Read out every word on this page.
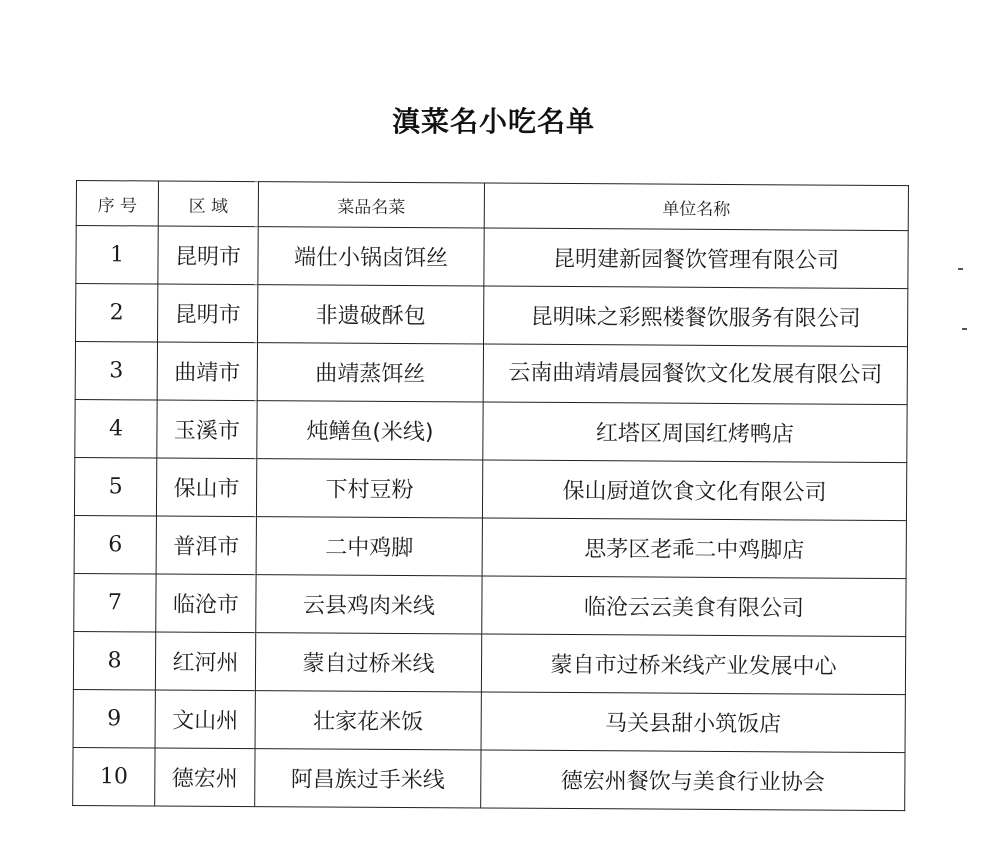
滇菜名小吃名单
序 号	区 域	菜品名菜	单位名称
1	昆明市	端仕小锅卤饵丝	昆明建新园餐饮管理有限公司
2	昆明市	非遗破酥包	昆明味之彩熙楼餐饮服务有限公司
3	曲靖市	曲靖蒸饵丝	云南曲靖靖晨园餐饮文化发展有限公司
4	玉溪市	炖鳝鱼(米线)	红塔区周国红烤鸭店
5	保山市	下村豆粉	保山厨道饮食文化有限公司
6	普洱市	二中鸡脚	思茅区老乖二中鸡脚店
7	临沧市	云县鸡肉米线	临沧云云美食有限公司
8	红河州	蒙自过桥米线	蒙自市过桥米线产业发展中心
9	文山州	壮家花米饭	马关县甜小筑饭店
10	德宏州	阿昌族过手米线	德宏州餐饮与美食行业协会
